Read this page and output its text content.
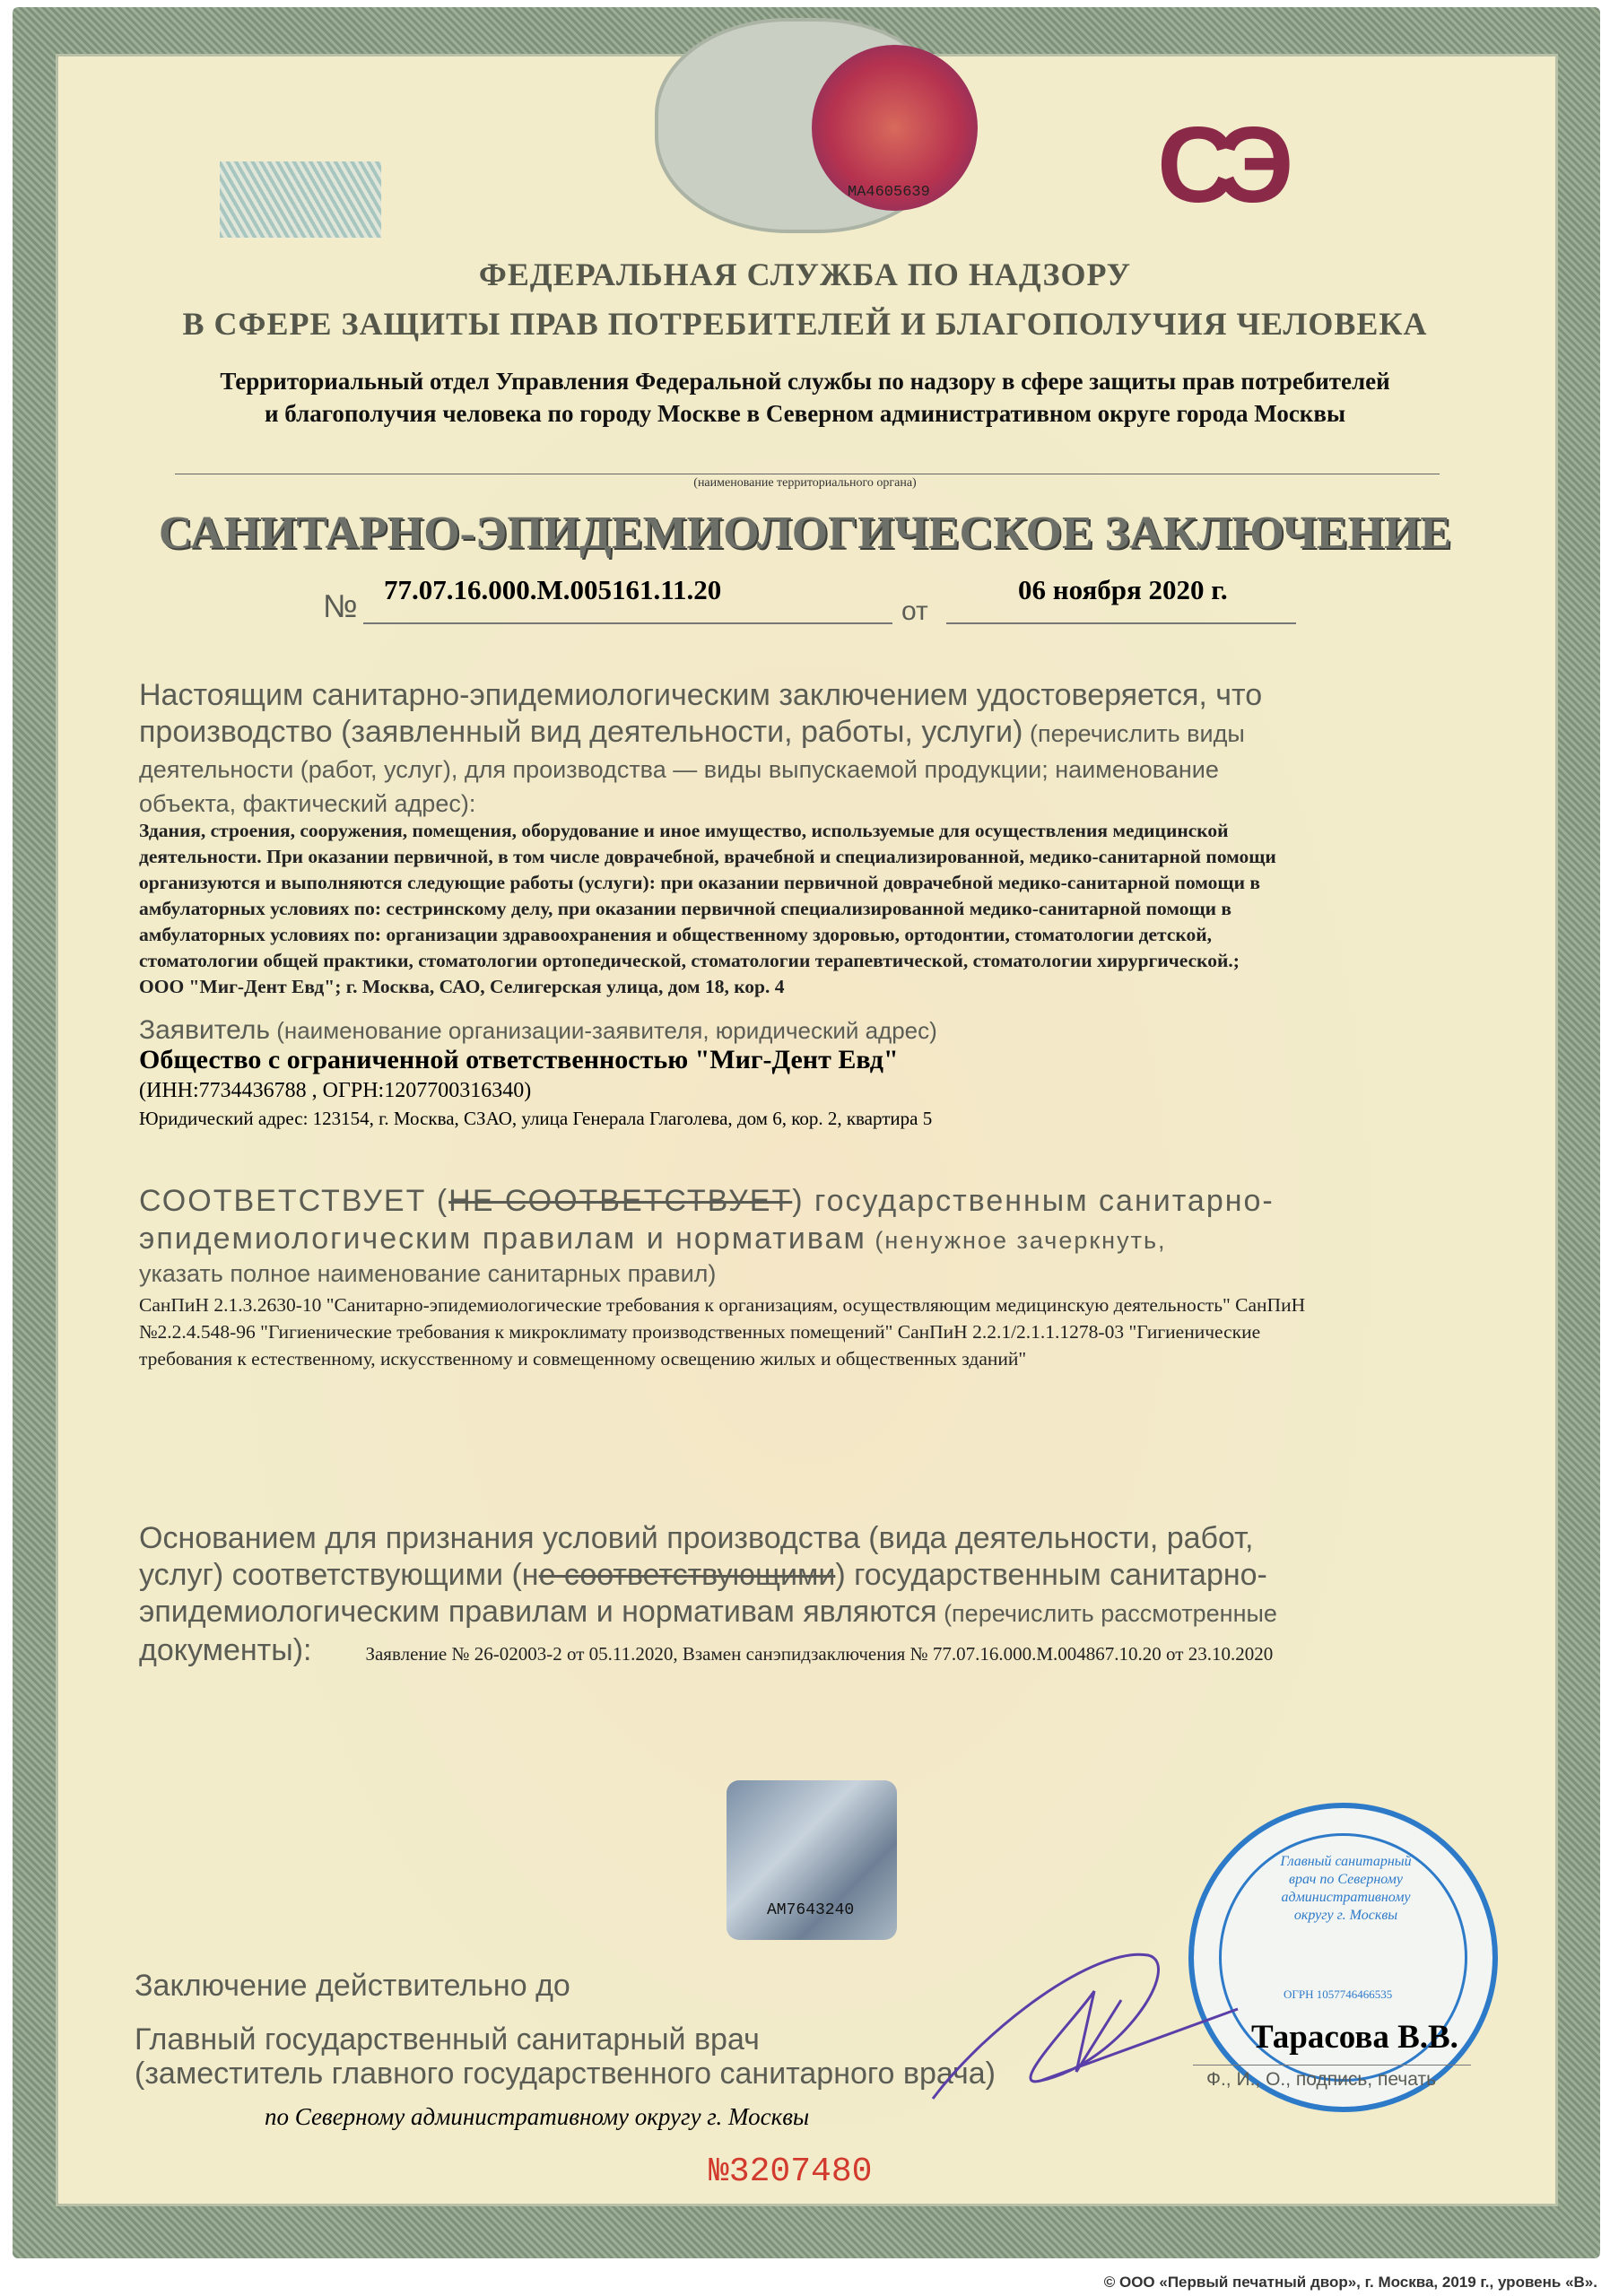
MA4605639 СЭ
ФЕДЕРАЛЬНАЯ СЛУЖБА ПО НАДЗОРУ
В СФЕРЕ ЗАЩИТЫ ПРАВ ПОТРЕБИТЕЛЕЙ И БЛАГОПОЛУЧИЯ ЧЕЛОВЕКА
Территориальный отдел Управления Федеральной службы по надзору в сфере защиты прав потребителей
и благополучия человека по городу Москве в Северном административном округе города Москвы
(наименование территориального органа)
САНИТАРНО-ЭПИДЕМИОЛОГИЧЕСКОЕ ЗАКЛЮЧЕНИЕ
№ 77.07.16.000.М.005161.11.20
от
06 ноября 2020 г.
Настоящим санитарно-эпидемиологическим заключением удостоверяется, что
производство (заявленный вид деятельности, работы, услуги) (перечислить виды
деятельности (работ, услуг), для производства — виды выпускаемой продукции; наименование
объекта, фактический адрес):
Здания, строения, сооружения, помещения, оборудование и иное имущество, используемые для осуществления медицинской
деятельности. При оказании первичной, в том числе доврачебной, врачебной и специализированной, медико-санитарной помощи
организуются и выполняются следующие работы (услуги): при оказании первичной доврачебной медико-санитарной помощи в
амбулаторных условиях по: сестринскому делу, при оказании первичной специализированной медико-санитарной помощи в
амбулаторных условиях по: организации здравоохранения и общественному здоровью, ортодонтии, стоматологии детской,
стоматологии общей практики, стоматологии ортопедической, стоматологии терапевтической, стоматологии хирургической.;
ООО "Миг-Дент Евд"; г. Москва, САО, Селигерская улица, дом 18, кор. 4
Заявитель (наименование организации-заявителя, юридический адрес)
Общество с ограниченной ответственностью "Миг-Дент Евд"
(ИНН:7734436788 , ОГРН:1207700316340)
Юридический адрес: 123154, г. Москва, СЗАО, улица Генерала Глаголева, дом 6, кор. 2, квартира 5
СООТВЕТСТВУЕТ (НЕ СООТВЕТСТВУЕТ) государственным санитарно-
эпидемиологическим правилам и нормативам (ненужное зачеркнуть,
указать полное наименование санитарных правил)
СанПиН 2.1.3.2630-10 "Санитарно-эпидемиологические требования к организациям, осуществляющим медицинскую деятельность" СанПиН
№2.2.4.548-96 "Гигиенические требования к микроклимату производственных помещений" СанПиН 2.2.1/2.1.1.1278-03 "Гигиенические
требования к естественному, искусственному и совмещенному освещению жилых и общественных зданий"
Основанием для признания условий производства (вида деятельности, работ,
услуг) соответствующими (не соответствующими) государственным санитарно-
эпидемиологическим правилам и нормативам являются (перечислить рассмотренные
документы):	Заявление № 26-02003-2 от 05.11.2020, Взамен санэпидзаключения № 77.07.16.000.М.004867.10.20 от 23.10.2020
AM7643240
Заключение действительно до
Главный государственный санитарный врач
(заместитель главного государственного санитарного врача)
по Северному административному округу г. Москвы
№3207480
Главный санитарный врач по Северному административному округу г. Москвы
ОГРН 1057746466535
Тарасова В.В.
Ф., И., О., подпись, печать
© ООО «Первый печатный двор», г. Москва, 2019 г., уровень «В».
